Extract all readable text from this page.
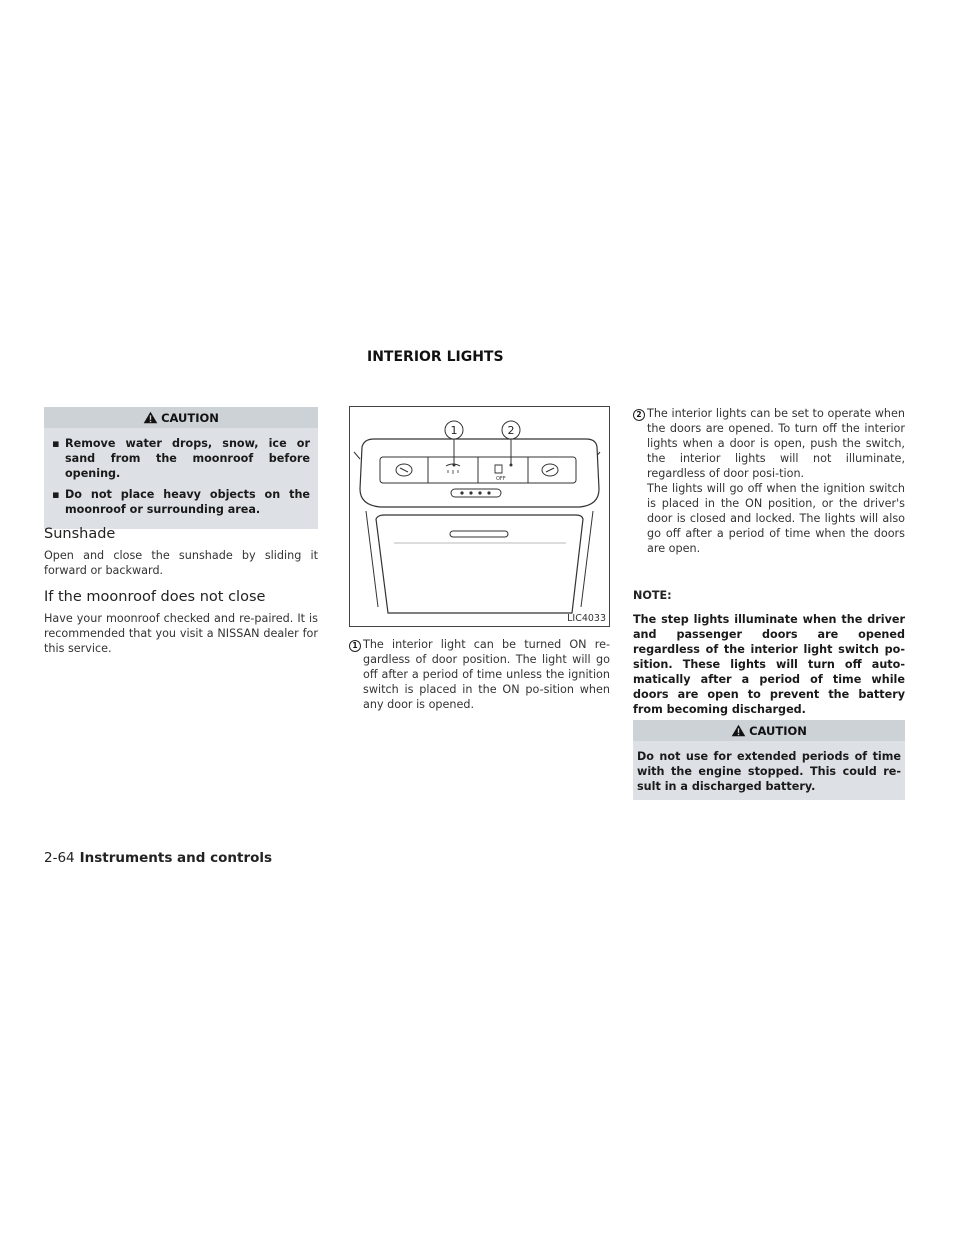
INTERIOR LIGHTS
CAUTION
▪ Remove water drops, snow, ice or sand from the moonroof before opening.
▪ Do not place heavy objects on the moonroof or surrounding area.
Sunshade
Open and close the sunshade by sliding it forward or backward.
If the moonroof does not close
Have your moonroof checked and re-paired. It is recommended that you visit a NISSAN dealer for this service.
OFF
1	2
LIC4033
1 The interior light can be turned ON re-gardless of door position. The light will go off after a period of time unless the ignition switch is placed in the ON po-sition when any door is opened.
2 The interior lights can be set to operate when the doors are opened. To turn off the interior lights when a door is open, push the switch, the interior lights will not illuminate, regardless of door posi-tion.
The lights will go off when the ignition switch is placed in the ON position, or the driver's door is closed and locked. The lights will also go off after a period of time when the doors are open.
NOTE:
The step lights illuminate when the driver and passenger doors are opened regardless of the interior light switch po-sition. These lights will turn off auto-matically after a period of time while doors are open to prevent the battery from becoming discharged.
CAUTION
Do not use for extended periods of time with the engine stopped. This could re-sult in a discharged battery.
2-64 Instruments and controls
